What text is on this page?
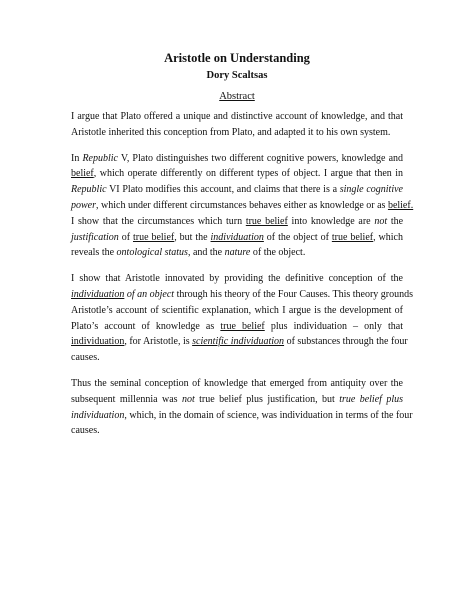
Aristotle on Understanding
Dory Scaltsas
Abstract
I argue that Plato offered a unique and distinctive account of knowledge, and that
Aristotle inherited this conception from Plato, and adapted it to his own system.
In Republic V, Plato distinguishes two different cognitive powers, knowledge and
belief, which operate differently on different types of object. I argue that then in
Republic VI Plato modifies this account, and claims that there is a single cognitive
power, which under different circumstances behaves either as knowledge or as belief.
I show that the circumstances which turn true belief into knowledge are not the
justification of true belief, but the individuation of the object of true belief, which
reveals the ontological status, and the nature of the object.
I show that Aristotle innovated by providing the definitive conception of the
individuation of an object through his theory of the Four Causes. This theory grounds
Aristotle’s account of scientific explanation, which I argue is the development of
Plato’s account of knowledge as true belief plus individuation – only that
individuation, for Aristotle, is scientific individuation of substances through the four
causes.
Thus the seminal conception of knowledge that emerged from antiquity over the
subsequent millennia was not true belief plus justification, but true belief plus
individuation, which, in the domain of science, was individuation in terms of the four
causes.
